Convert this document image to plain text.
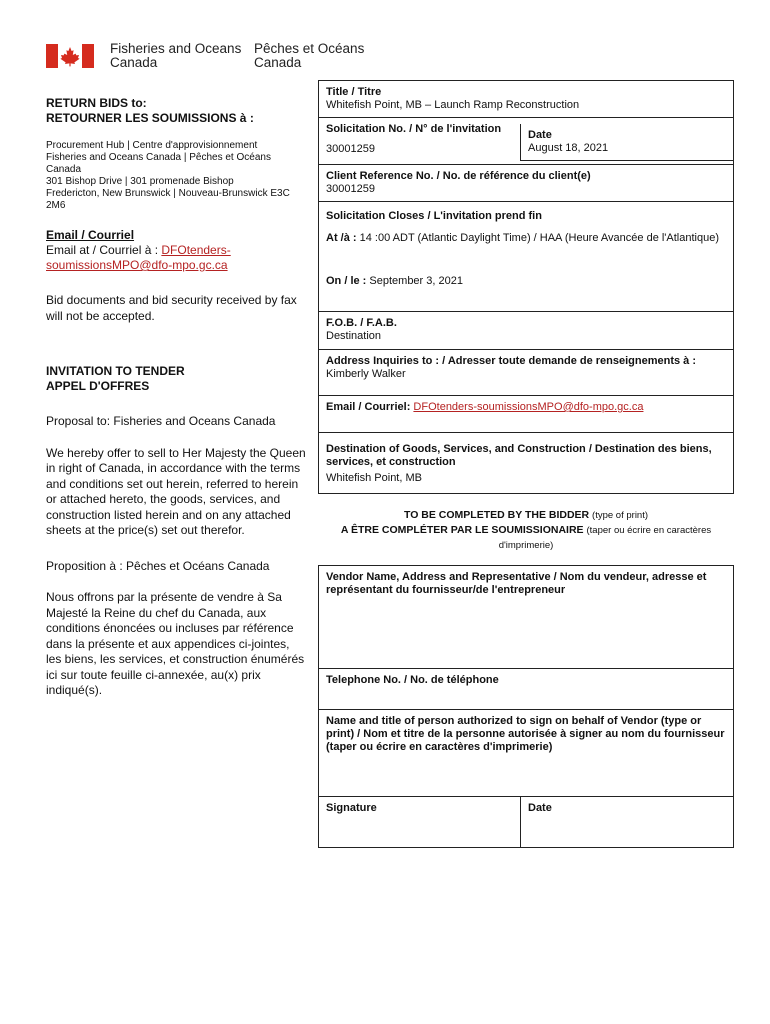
Fisheries and Oceans
Canada
Pêches et Océans
Canada
RETURN BIDS to:
RETOURNER LES SOUMISSIONS à :
Procurement Hub | Centre d'approvisionnement
Fisheries and Oceans Canada | Pêches et Océans
Canada
301 Bishop Drive | 301 promenade Bishop
Fredericton, New Brunswick | Nouveau-Brunswick E3C
2M6
Email / Courriel
Email at / Courriel à : DFOtenders-
soumissionsMPO@dfo-mpo.gc.ca
Bid documents and bid security received by fax will not be accepted.
INVITATION TO TENDER
APPEL D'OFFRES
Proposal to: Fisheries and Oceans Canada
We hereby offer to sell to Her Majesty the Queen in right of Canada, in accordance with the terms and conditions set out herein, referred to herein or attached hereto, the goods, services, and construction listed herein and on any attached sheets at the price(s) set out therefor.
Proposition à : Pêches et Océans Canada
Nous offrons par la présente de vendre à Sa Majesté la Reine du chef du Canada, aux conditions énoncées ou incluses par référence dans la présente et aux appendices ci-jointes, les biens, les services, et construction énumérés ici sur toute feuille ci-annexée, au(x) prix indiqué(s).
Title / Titre
Whitefish Point, MB – Launch Ramp Reconstruction
Solicitation No. / N° de l'invitation
30001259
Date
August 18, 2021
Client Reference No. / No. de référence du client(e)
30001259
Solicitation Closes / L'invitation prend fin
At /à : 14 :00 ADT (Atlantic Daylight Time) / HAA (Heure Avancée de l'Atlantique)
On / le : September 3, 2021
F.O.B. / F.A.B.
Destination
Address Inquiries to : / Adresser toute demande de renseignements à :
Kimberly Walker
Email / Courriel: DFOtenders-soumissionsMPO@dfo-mpo.gc.ca
Destination of Goods, Services, and Construction / Destination des biens, services, et construction
Whitefish Point, MB
TO BE COMPLETED BY THE BIDDER (type of print)
A ÊTRE COMPLÉTER PAR LE SOUMISSIONAIRE (taper ou écrire en caractères d'imprimerie)
Vendor Name, Address and Representative / Nom du vendeur, adresse et représentant du fournisseur/de l'entrepreneur
Telephone No. / No. de téléphone
Name and title of person authorized to sign on behalf of Vendor (type or print) / Nom et titre de la personne autorisée à signer au nom du fournisseur (taper ou écrire en caractères d'imprimerie)
Signature	Date
